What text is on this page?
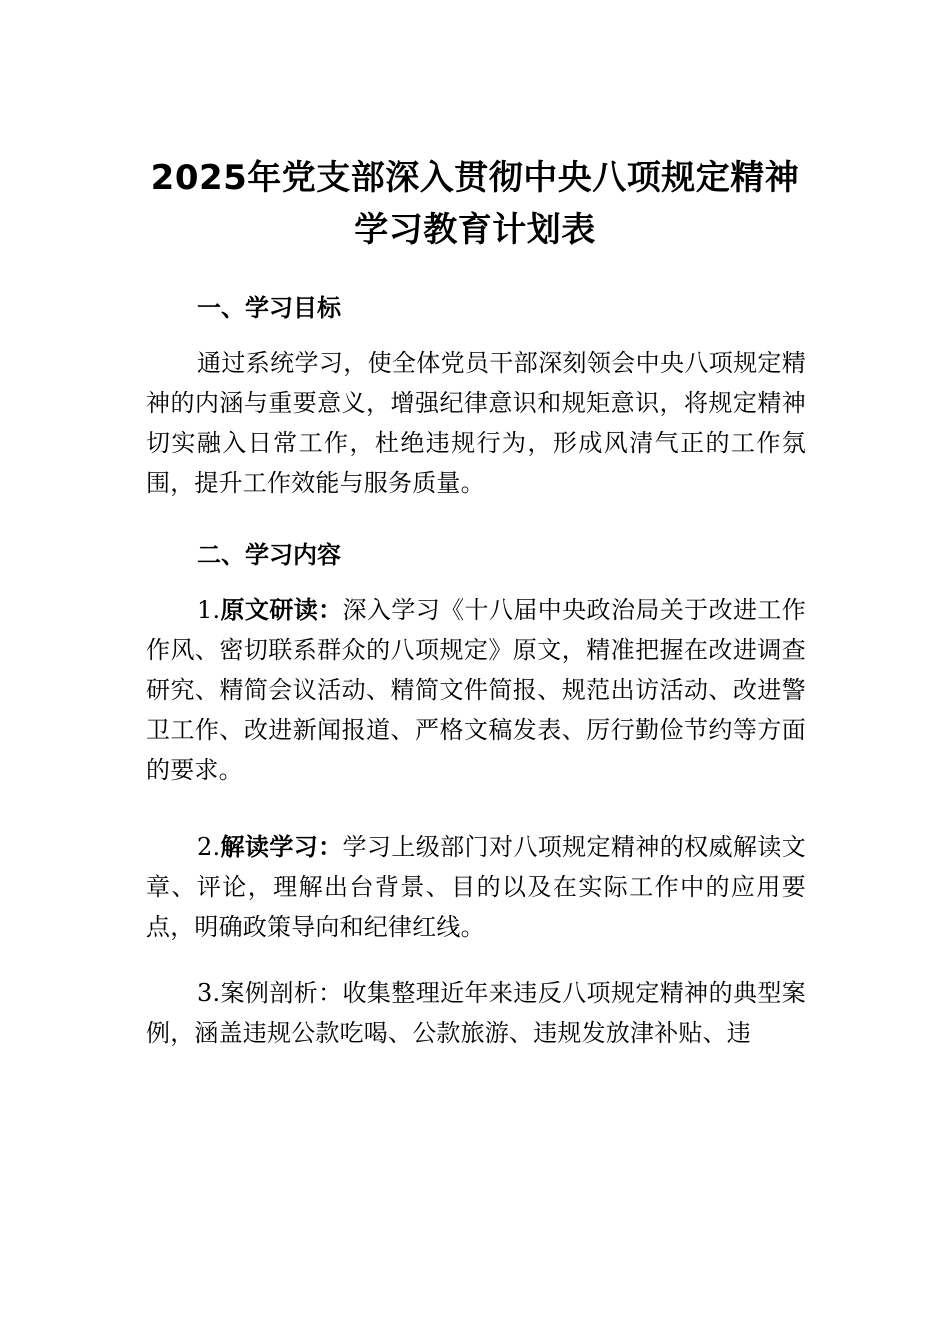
2025年党支部深入贯彻中央八项规定精神
学习教育计划表
一、学习目标
通过系统学习，使全体党员干部深刻领会中央八项规定精神的内涵与重要意义，增强纪律意识和规矩意识，将规定精神切实融入日常工作，杜绝违规行为，形成风清气正的工作氛围，提升工作效能与服务质量。
二、学习内容
1.原文研读：深入学习《十八届中央政治局关于改进工作作风、密切联系群众的八项规定》原文，精准把握在改进调查研究、精简会议活动、精简文件简报、规范出访活动、改进警卫工作、改进新闻报道、严格文稿发表、厉行勤俭节约等方面的要求。
2.解读学习：学习上级部门对八项规定精神的权威解读文章、评论，理解出台背景、目的以及在实际工作中的应用要点，明确政策导向和纪律红线。
3.案例剖析：收集整理近年来违反八项规定精神的典型案例，涵盖违规公款吃喝、公款旅游、违规发放津补贴、违
